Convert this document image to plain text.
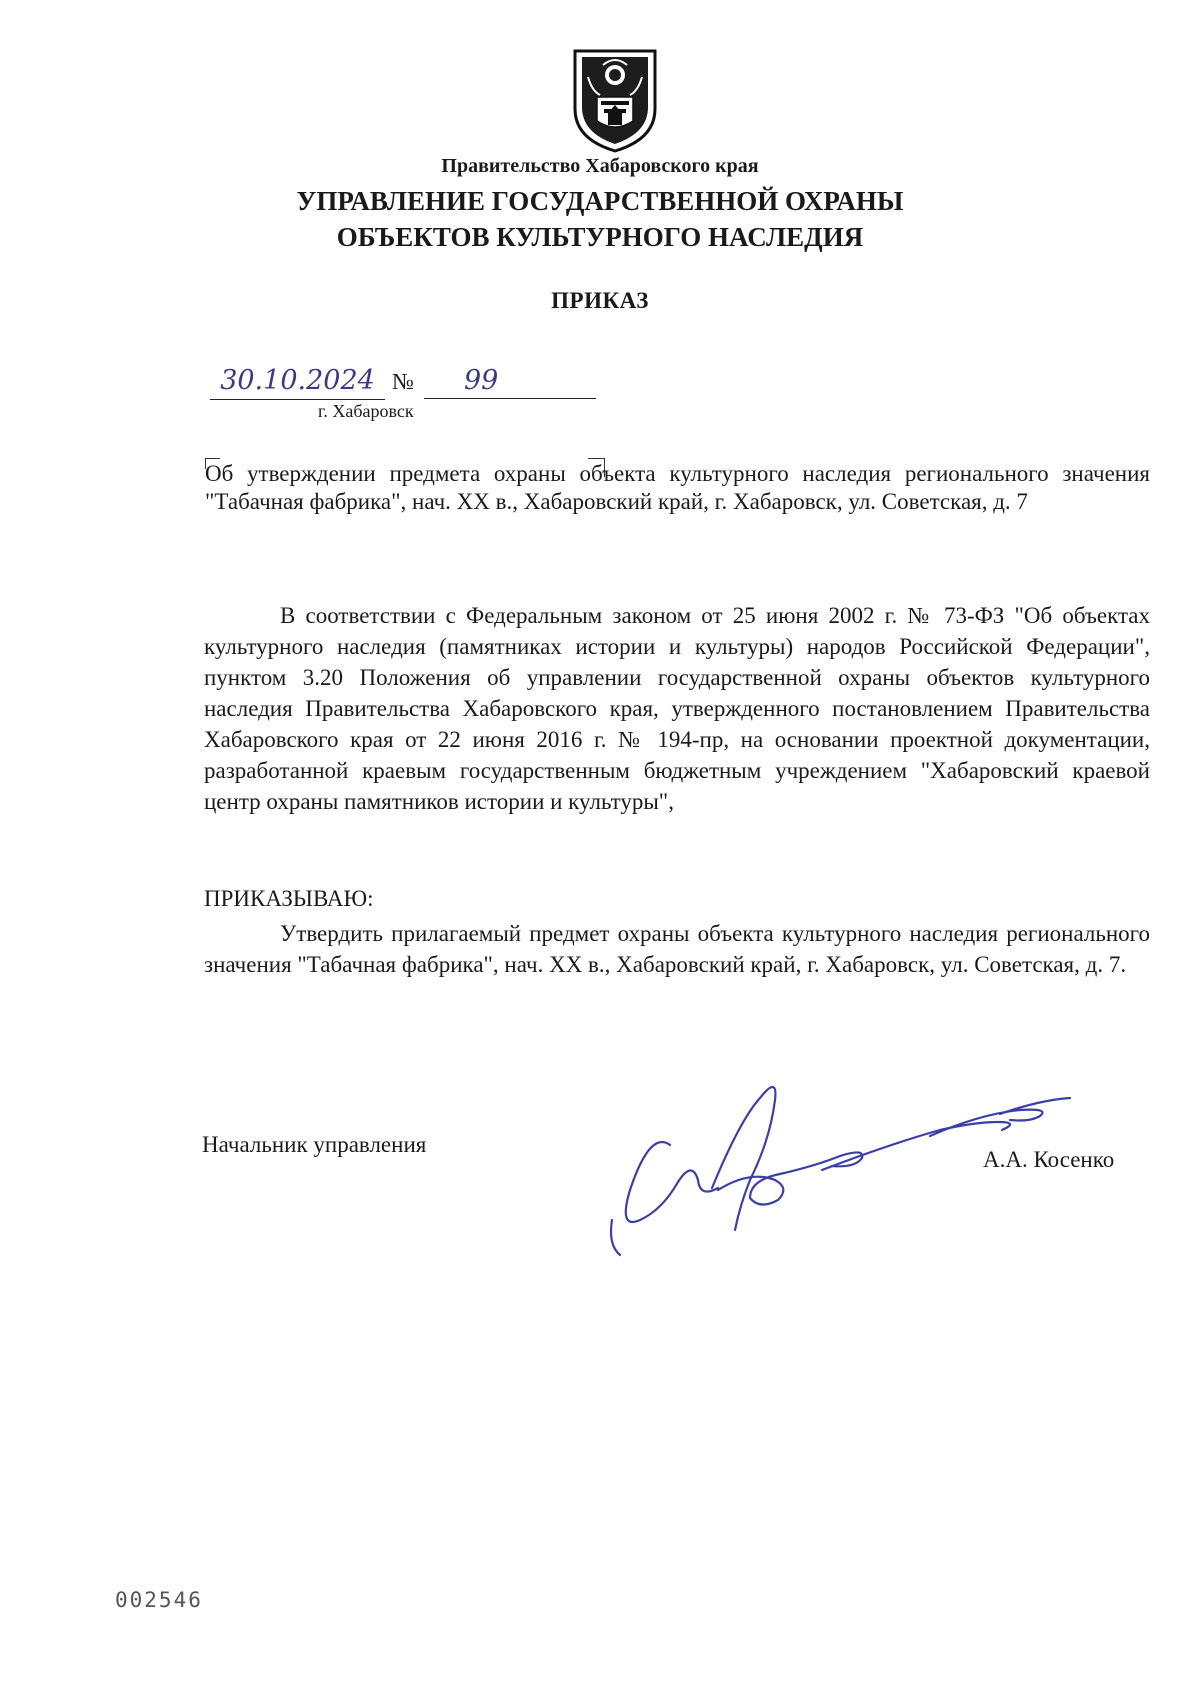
Правительство Хабаровского края
УПРАВЛЕНИЕ ГОСУДАРСТВЕННОЙ ОХРАНЫ
ОБЪЕКТОВ КУЛЬТУРНОГО НАСЛЕДИЯ
ПРИКАЗ
30.10.2024 №	99
г. Хабаровск
Об утверждении предмета охраны объекта культурного наследия регионального значения "Табачная фабрика", нач. XX в., Хабаровский край, г. Хабаровск, ул. Советская, д. 7
В соответствии с Федеральным законом от 25 июня 2002 г. № 73-ФЗ "Об объектах культурного наследия (памятниках истории и культуры) народов Российской Федерации", пунктом 3.20 Положения об управлении государственной охраны объектов культурного наследия Правительства Хабаровского края, утвержденного постановлением Правительства Хабаровского края от 22 июня 2016 г. № 194-пр, на основании проектной документации, разработанной краевым государственным бюджетным учреждением "Хабаровский краевой центр охраны памятников истории и культуры",
ПРИКАЗЫВАЮ:
Утвердить прилагаемый предмет охраны объекта культурного наследия регионального значения "Табачная фабрика", нач. XX в., Хабаровский край, г. Хабаровск, ул. Советская, д. 7.
Начальник управления
А.А. Косенко
002546
